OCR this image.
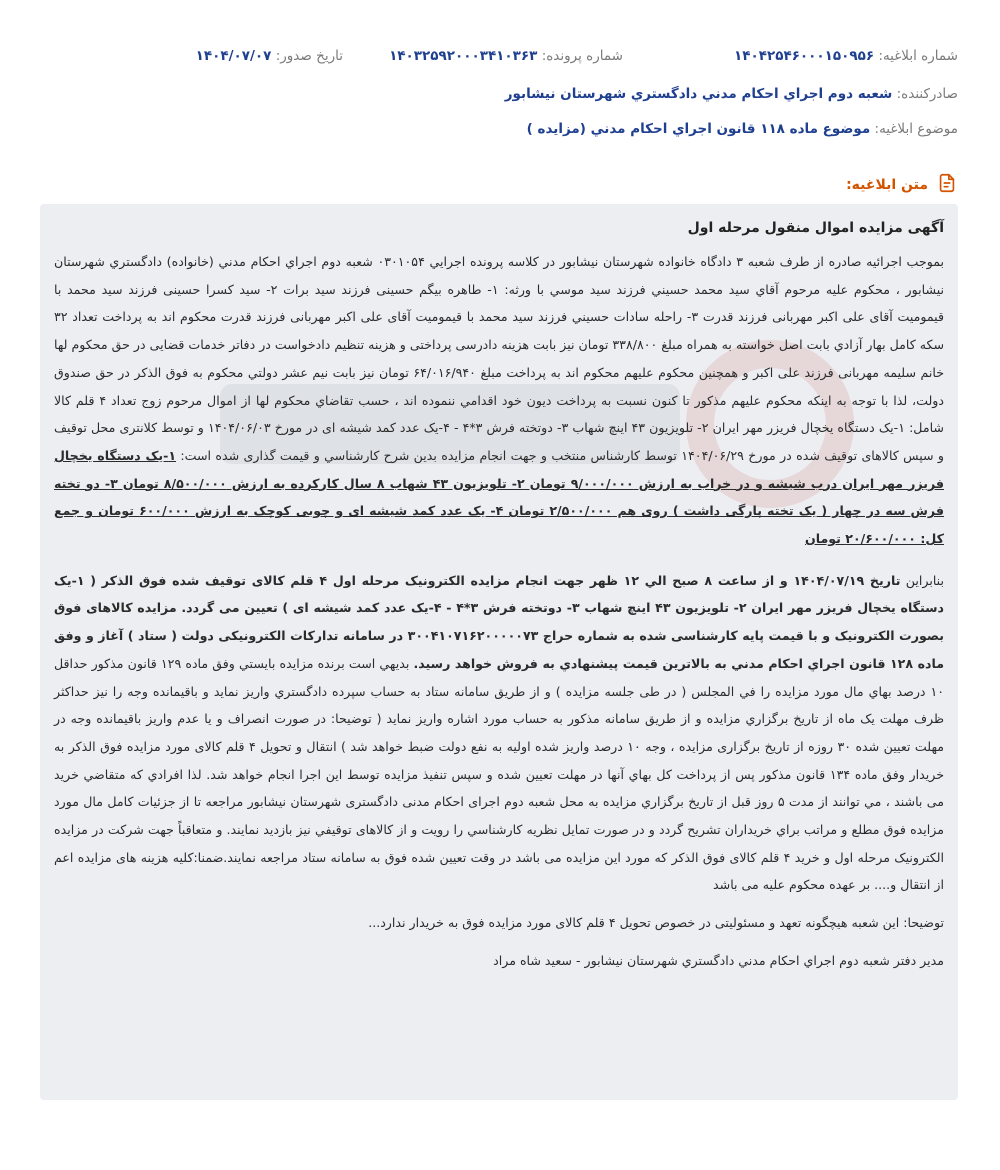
شماره ابلاغیه: ۱۴۰۴۲۵۴۶۰۰۰۱۵۰۹۵۶
شماره پرونده: ۱۴۰۳۲۵۹۲۰۰۰۳۴۱۰۳۶۳
تاریخ صدور: ۱۴۰۴/۰۷/۰۷
صادرکننده: شعبه دوم اجراي احکام مدني دادگستري شهرستان نيشابور
موضوع ابلاغیه: موضوع ماده ۱۱۸ قانون اجراي احکام مدني (مزايده )
متن ابلاغیه:
آگهی مزایده اموال منقول مرحله اول

بموجب اجرائیه صادره از طرف شعبه ۳ دادگاه خانواده شهرستان نیشابور در کلاسه پرونده اجرایي ۰۳۰۱۰۵۴ شعبه دوم اجراي احکام مدني (خانواده) دادگستري شهرستان نيشابور ، محکوم علیه مرحوم آقاي سيد محمد حسيني فرزند سيد موسي با ورثه: ۱- طاهره بیگم حسینی فرزند سید برات ۲- سید کسرا حسینی فرزند سید محمد با قیمومیت آقای علی اکبر مهربانی فرزند قدرت ۳- راحله سادات حسيني فرزند سيد محمد با قیمومیت آقای علی اکبر مهربانی فرزند قدرت محکوم اند به پرداخت تعداد ۳۲ سکه کامل بهار آزادي بابت اصل خواسته به همراه مبلغ ۳۳۸/۸۰۰ تومان نیز بابت هزینه دادرسی پرداختی و هزینه تنظیم دادخواست در دفاتر خدمات قضایی در حق محکوم لها خانم سلیمه مهربانی فرزند علی اکبر و همچنین محکوم علیهم محکوم اند به پرداخت مبلغ ۶۴/۰۱۶/۹۴۰ تومان نیز بابت نیم عشر دولتي محکوم به فوق الذکر در حق صندوق دولت، لذا با توجه به اینکه محکوم علیهم مذکور تا کنون نسبت به پرداخت دیون خود اقدامي ننموده اند ، حسب تقاضاي محکوم لها از اموال مرحوم زوج تعداد ۴ قلم کالا شامل: ۱-یک دستگاه یخچال فریزر مهر ایران ۲- تلویزیون ۴۳ اینچ شهاب ۳- دوتخته فرش ۳*۴ - ۴-یک عدد کمد شیشه ای در مورخ ۱۴۰۴/۰۶/۰۳ و توسط کلانتری محل توقیف و سپس کالاهای توقیف شده در مورخ ۱۴۰۴/۰۶/۲۹ توسط کارشناس منتخب و جهت انجام مزایده بدین شرح کارشناسي و قیمت گذاری شده است: ۱-یک دستگاه یخچال فریزر مهر ایران درب شیشه و در خراب به ارزش ۹/۰۰۰/۰۰۰ تومان ۲- تلویزیون ۴۳ شهاب ۸ سال کارکرده به ارزش ۸/۵۰۰/۰۰۰ تومان ۳- دو تخته فرش سه در چهار ( یک تخته پارگی داشت ) روی هم ۲/۵۰۰/۰۰۰ تومان ۴- یک عدد کمد شیشه ای و چوبی کوچک به ارزش ۶۰۰/۰۰۰ تومان و جمع کل: ۲۰/۶۰۰/۰۰۰ تومان

بنابراین تاریخ ۱۴۰۴/۰۷/۱۹ و از ساعت ۸ صبح الي ۱۲ ظهر جهت انجام مزایده الکترونیک مرحله اول ۴ قلم کالای توقیف شده فوق الذکر ( ۱-یک دستگاه یخچال فریزر مهر ایران ۲- تلویزیون ۴۳ اینچ شهاب ۳- دوتخته فرش ۳*۴ - ۴-یک عدد کمد شیشه ای ) تعیین می گردد. مزایده کالاهای فوق بصورت الکترونیک و با قیمت پایه کارشناسی شده به شماره حراج ۳۰۰۴۱۰۷۱۶۲۰۰۰۰۰۷۳ در سامانه تدارکات الکترونیکی دولت ( ستاد ) آغاز و وفق ماده ۱۲۸ قانون اجراي احکام مدني به بالاترین قیمت پیشنهادي به فروش خواهد رسید. بديهي است برنده مزايده بايستي وفق ماده ۱۲۹ قانون مذكور حداقل ۱۰ درصد بهاي مال مورد مزايده را في المجلس ( در طی جلسه مزایده ) و از طریق سامانه ستاد به حساب سپرده دادگستري واريز نمايد و باقيمانده وجه را نيز حداكثر ظرف مهلت یک ماه از تاريخ برگزاري مزايده و از طريق سامانه مذکور به حساب مورد اشاره واريز نمايد ( توضیحا: در صورت انصراف و یا عدم واریز باقیمانده وجه در مهلت تعیین شده ۳۰ روزه از تاریخ برگزاری مزایده ، وجه ۱۰ درصد واریز شده اولیه به نفع دولت ضبط خواهد شد ) انتقال و تحويل ۴ قلم کالای مورد مزایده فوق الذکر به خريدار وفق ماده ۱۳۴ قانون مذكور پس از پرداخت كل بهاي آنها در مهلت تعیین شده و سپس تنفیذ مزایده توسط این اجرا انجام خواهد شد. لذا افرادي كه متقاضي خريد می باشند ، مي توانند از مدت ۵ روز قبل از تاريخ برگزاري مزايده به محل شعبه دوم اجرای احکام مدنی دادگستری شهرستان نیشابور مراجعه تا از جزئيات كامل مال مورد مزايده فوق مطلع و مراتب براي خريداران تشریح گردد و در صورت تمايل نظريه كارشناسي را رويت و از کالاهای توقيفي نيز بازديد نمایند. و متعاقباً جهت شرکت در مزایده الکترونیک مرحله اول و خرید ۴ قلم کالای فوق الذکر که مورد این مزایده می باشد در وقت تعیین شده فوق به سامانه ستاد مراجعه نمایند.ضمنا:کلیه هزینه های مزایده اعم از انتقال و.... بر عهده محکوم علیه می باشد

توضیحا: این شعبه هیچگونه تعهد و مسئولیتی در خصوص تحویل ۴ قلم کالای مورد مزایده فوق به خریدار ندارد...

مدير دفتر شعبه دوم اجراي احکام مدني دادگستري شهرستان نيشابور - سعید شاه مراد
